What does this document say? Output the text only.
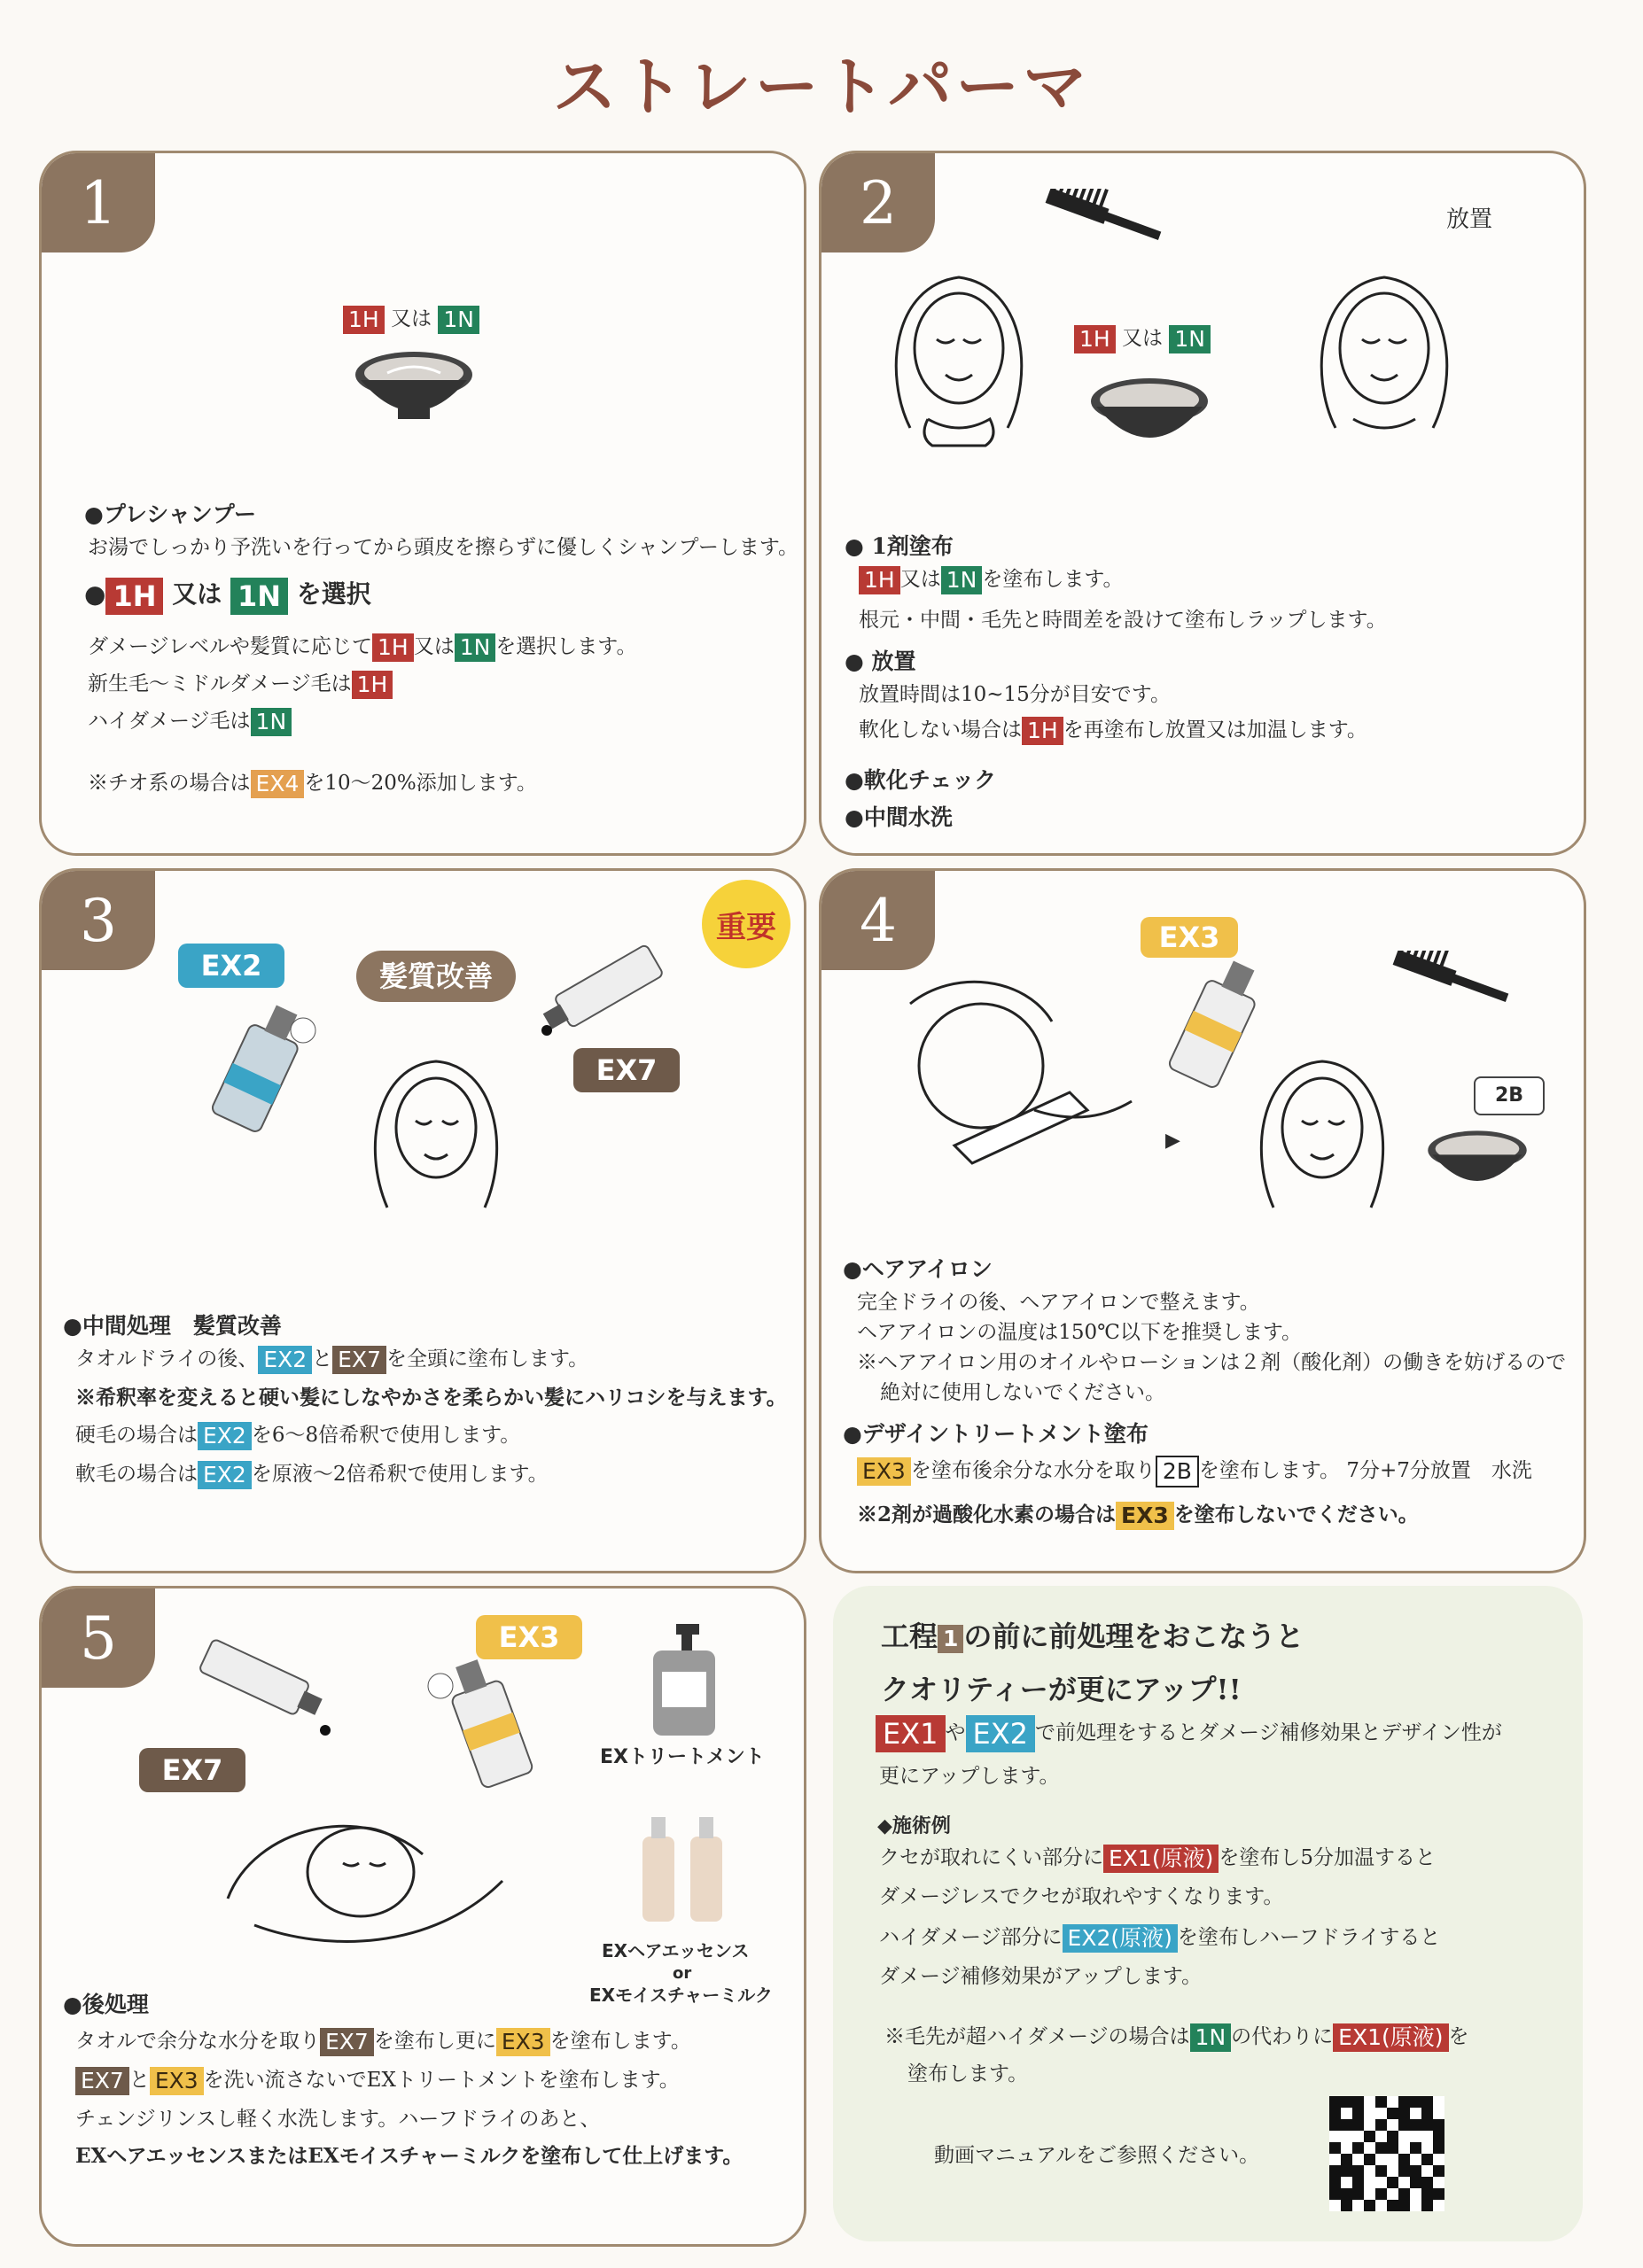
ストレートパーマ
1
1H 又は 1N
●プレシャンプー
お湯でしっかり予洗いを行ってから頭皮を擦らずに優しくシャンプーします。
● 1H 又は 1N を選択
ダメージレベルや髪質に応じて 1H 又は 1N を選択します。
新生毛～ミドルダメージ毛は 1H
ハイダメージ毛は 1N
※チオ系の場合は EX4 を10～20%添加します。
2	放置
1H 又は 1N
● 1剤塗布
1H 又は 1N を塗布します。
根元・中間・毛先と時間差を設けて塗布しラップします。
● 放置
放置時間は10~15分が目安です。
軟化しない場合は 1H を再塗布し放置又は加温します。
●軟化チェック
●中間水洗
3	重要
EX2	髪質改善
EX7
●中間処理　髪質改善
タオルドライの後、 EX2 と EX7 を全頭に塗布します。
※希釈率を変えると硬い髪にしなやかさを柔らかい髪にハリコシを与えます。
硬毛の場合は EX2 を6～8倍希釈で使用します。
軟毛の場合は EX2 を原液～2倍希釈で使用します。
4	EX3
▶
2B
●ヘアアイロン
完全ドライの後、ヘアアイロンで整えます。
ヘアアイロンの温度は150℃以下を推奨します。
※ヘアアイロン用のオイルやローションは２剤（酸化剤）の働きを妨げるので
絶対に使用しないでください。
●デザイントリートメント塗布
EX3 を塗布後余分な水分を取り 2B を塗布します。 7分+7分放置　水洗
※2剤が過酸化水素の場合は EX3 を塗布しないでください。
5
EX7
EX3
EXトリートメント
EXヘアエッセンス
or
EXモイスチャーミルク
●後処理
タオルで余分な水分を取り EX7 を塗布し更に EX3 を塗布します。
EX7 と EX3 を洗い流さないでEXトリートメントを塗布します。
チェンジリンスし軽く水洗します。ハーフドライのあと、
EXヘアエッセンスまたはEXモイスチャーミルクを塗布して仕上げます。
工程 1 の前に前処理をおこなうと
クオリティーが更にアップ!!
EX1 や EX2 で前処理をするとダメージ補修効果とデザイン性が
更にアップします。
◆施術例
クセが取れにくい部分に EX1(原液) を塗布し5分加温すると
ダメージレスでクセが取れやすくなります。
ハイダメージ部分に EX2(原液) を塗布しハーフドライすると
ダメージ補修効果がアップします。
※毛先が超ハイダメージの場合は 1N の代わりに EX1(原液) を
塗布します。
動画マニュアルをご参照ください。
